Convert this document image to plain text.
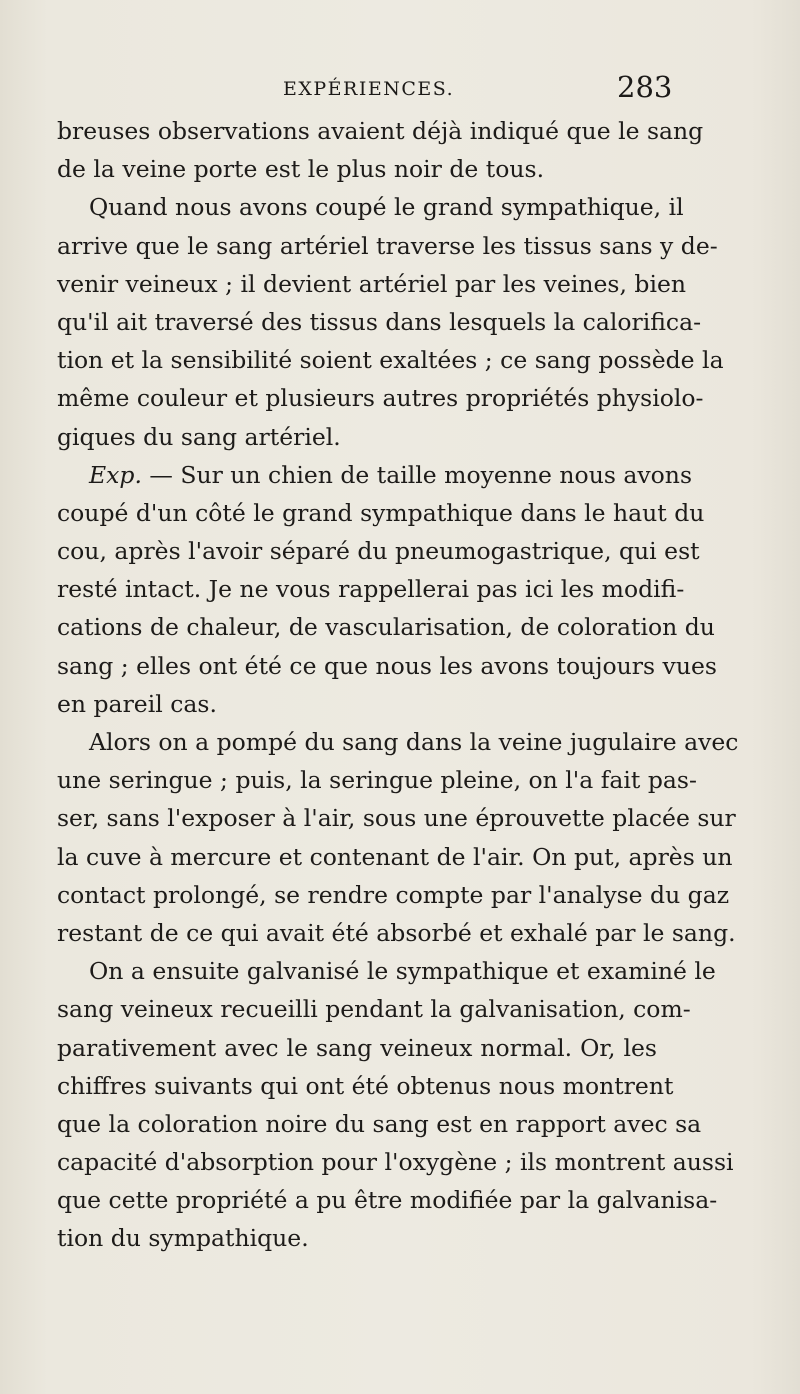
EXPÉRIENCES.	283
breuses observations avaient déjà indiqué que le sang
de la veine porte est le plus noir de tous.
Quand nous avons coupé le grand sympathique, il
arrive que le sang artériel traverse les tissus sans y de-
venir veineux ; il devient artériel par les veines, bien
qu'il ait traversé des tissus dans lesquels la calorifica-
tion et la sensibilité soient exaltées ; ce sang possède la
même couleur et plusieurs autres propriétés physiolo-
giques du sang artériel.
Exp. — Sur un chien de taille moyenne nous avons
coupé d'un côté le grand sympathique dans le haut du
cou, après l'avoir séparé du pneumogastrique, qui est
resté intact. Je ne vous rappellerai pas ici les modifi-
cations de chaleur, de vascularisation, de coloration du
sang ; elles ont été ce que nous les avons toujours vues
en pareil cas.
Alors on a pompé du sang dans la veine jugulaire avec
une seringue ; puis, la seringue pleine, on l'a fait pas-
ser, sans l'exposer à l'air, sous une éprouvette placée sur
la cuve à mercure et contenant de l'air. On put, après un
contact prolongé, se rendre compte par l'analyse du gaz
restant de ce qui avait été absorbé et exhalé par le sang.
On a ensuite galvanisé le sympathique et examiné le
sang veineux recueilli pendant la galvanisation, com-
parativement avec le sang veineux normal. Or, les
chiffres suivants qui ont été obtenus nous montrent
que la coloration noire du sang est en rapport avec sa
capacité d'absorption pour l'oxygène ; ils montrent aussi
que cette propriété a pu être modifiée par la galvanisa-
tion du sympathique.
